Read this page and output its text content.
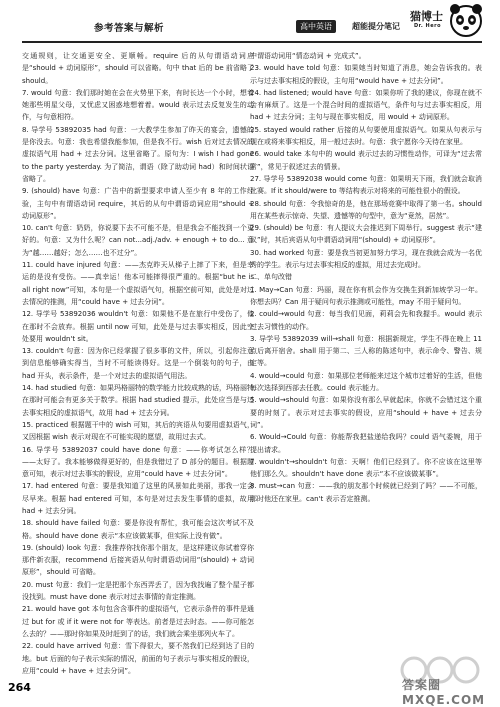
参考答案与解析	高中英语	超能提分笔记
猫博士
Dr. Hero

交通规则，让交通更安全、更顺畅。require 后的从句谓语动词应是“should + 动词原形”，should 可以省略。句中 that 后的 be 前省略了 should。

7. would 句意：我们那时她在会在火势里下来，有时长达一个小时，想着她那些明星父母，又忧虑又困惑地想着着。would 表示过去反复发生的动作，与句意相符。

8. 导学号 53892035 had 句意：一大教学生参加了昨天的宴会，遗憾的是你没去。句意：我也希望我能参加，但是我不行。wish 后对过去情况的虚拟语气用 had + 过去分词。这里省略了。原句为：I wish I had gone to the party yesterday. 为了简洁，谓语（除了助动词 had）和时间状语省略了。

9. (should) have 句意：广告中的新型要求申请人至少有 8 年的工作经验，主句中有谓语动词 require，其后的从句中谓语动词应用“should + 动词原形”。

10. can't 句意：奶奶，你说要下去不可能不是，但是我会不能找到一个更好的。句意：又为什么呢？can not...adj./adv. + enough + to do... 意为“越……越好；怎么……也不过分”。

11. could have injured 句意：——杰克昨天从梯子上摔了下来，但是幸运的是没有受伤。——真幸运！他本可能摔得很严重的。根据“but he is all right now”可知，本句是一个虚拟语气句，根据空前可知，此处是对过去情况的推测，用“could have + 过去分词”。

12. 导学号 53892036 wouldn't 句意：如果他不是在旅行中受伤了，他在那时不会放弃。根据 until now 可知，此处是与过去事实相反，因此空处要用 wouldn't sit。

13. couldn't 句意：因为你已经掌握了很多事的文件，所以，引起你注意到信息能够确实得当，当时不可能读得好。这是一个倒装句的句子，由 had 开头，表示条件，是一个对过去的虚拟语气用法。

14. had studied 句意：如果玛格丽特的数学能力比较成熟的话，玛格丽特在那时可能会有更多关于数学。根据 had studied 提示，此处应当是与过去事实相反的虚拟语气，故用 had + 过去分词。

15. practiced 根据题干中的 wish 可知，其后的宾语从句要用虚拟语气，又因根据 wish 表示对现在不可能实现的愿望，故用过去式。

16. 导学号 53892037 could have done 句意：——你考试怎么样？——太好了。我本能够做得更好的，但是我错过了 D 部分的题目。根据题意可知，表示对过去事实的假设，应用“could have + 过去分词”。

17. had entered 句意：要是我知道了这里的风景如此美丽，那我一定会尽早来。根据 had entered 可知，本句是对过去发生事情的虚拟，故用 had + 过去分词。

18. should have failed 句意：要是你没有帮忙，我可能会这次考试不及格。should have done 表示“本应该做某事，但实际上没有做”。

19. (should) look 句意：我推荐你找你那个朋友，是这样建议你试着穿你那件新衣服，recommend 后接宾语从句时谓语动词用“(should) + 动词原形”，should 可省略。

20. must 句意：我们一定是把那个东西弄丢了，因为我找遍了整个屋子都没找到。must have done 表示对过去事情的肯定推测。

21. would have got 本句包含含事件的虚拟语气，它表示条件的事件是通过 but for 或 if it were not for 等表达。前者是过去时态。——你可能怎么去的？——那时你如果及时赶到了的话，我们就会乘坐那列火车了。

22. could have arrived 句意：雪下得很大，要不然我们已经到达了目的地。but 后面的句子表示实际的情况，前面的句子表示与事实相反的假设，应用“could + have + 过去分词”。

中谓语动词用“情态动词 + 完成式”。

23. would have told 句意：如果她当时知道了消息，她会告诉我的。表示与过去事实相反的假设，主句用“would have + 过去分词”。

24. had listened; would have 句意：如果你听了我的建议，你现在就不会有麻烦了。这是一个混合时间的虚拟语气，条件句与过去事实相反，用 had + 过去分词；主句与现在事实相反，用 would + 动词原形。

25. stayed would rather 后接的从句要使用虚拟语气。如果从句表示与现在或将来事实相反，用一般过去时。句意：我宁愿你今天待在家里。

26. would take 本句中的 would 表示过去的习惯性动作，可译为“过去常常”，常见于叙述过去的情景。

27. 导学号 53892038 would come 句意：如果明天下雨，我们就会取消比赛。If it should/were to 等结构表示对将来的可能性很小的假设。

28. should 句意：令我惊奇的是，他在那场竞赛中取得了第一名。should 用在某些表示惊奇、失望、遗憾等的句型中，意为“竟然，居然”。

29. (should) be 句意：有人提议大会推迟到下周举行。suggest 表示“建议”时，其后宾语从句中谓语动词用“(should) + 动词原形”。

30. had worked 句意：要是我当初更加努力学习，现在我就会成为一名优秀的学生。表示与过去事实相反的虚拟，用过去完成时。

二、单句改错

1. May→Can 句意：玛丽，现在你有机会作为交换生到新加坡学习一年。你想去吗？Can 用于疑问句表示推测或可能性，may 不用于疑问句。

2. could→would 句意：每当我们见面，莉莉会先和我握手。would 表示过去习惯性的动作。

3. 导学号 53892039 will→shall 句意：根据新规定，学生不得在晚上 11 点后离开宿舍。shall 用于第二、三人称的陈述句中，表示命令、警告、规定等。

4. would→could 句意：如果那位老师能来过这个城市过着好的生活，但他每次选择到西部去任教。could 表示能力。

5. would→should 句意：如果你没有那么早就起床，你就不会错过这个重要的时刻了。表示对过去事实的假设，应用“should + have + 过去分词”。

6. Would→Could 句意：你能帮我把盐递给我吗？could 语气委婉，用于提出请求。

7. wouldn't→shouldn't 句意：天啊！他们已经到了。你不应该在这里等他们那么久。shouldn't have done 表示“本不应该做某事”。

8. must→can 句意：——我的朋友那个时候就已经到了吗？——不可能，那时他还在家里。can't 表示否定推测。

答案圈 MXQE.COM
264
